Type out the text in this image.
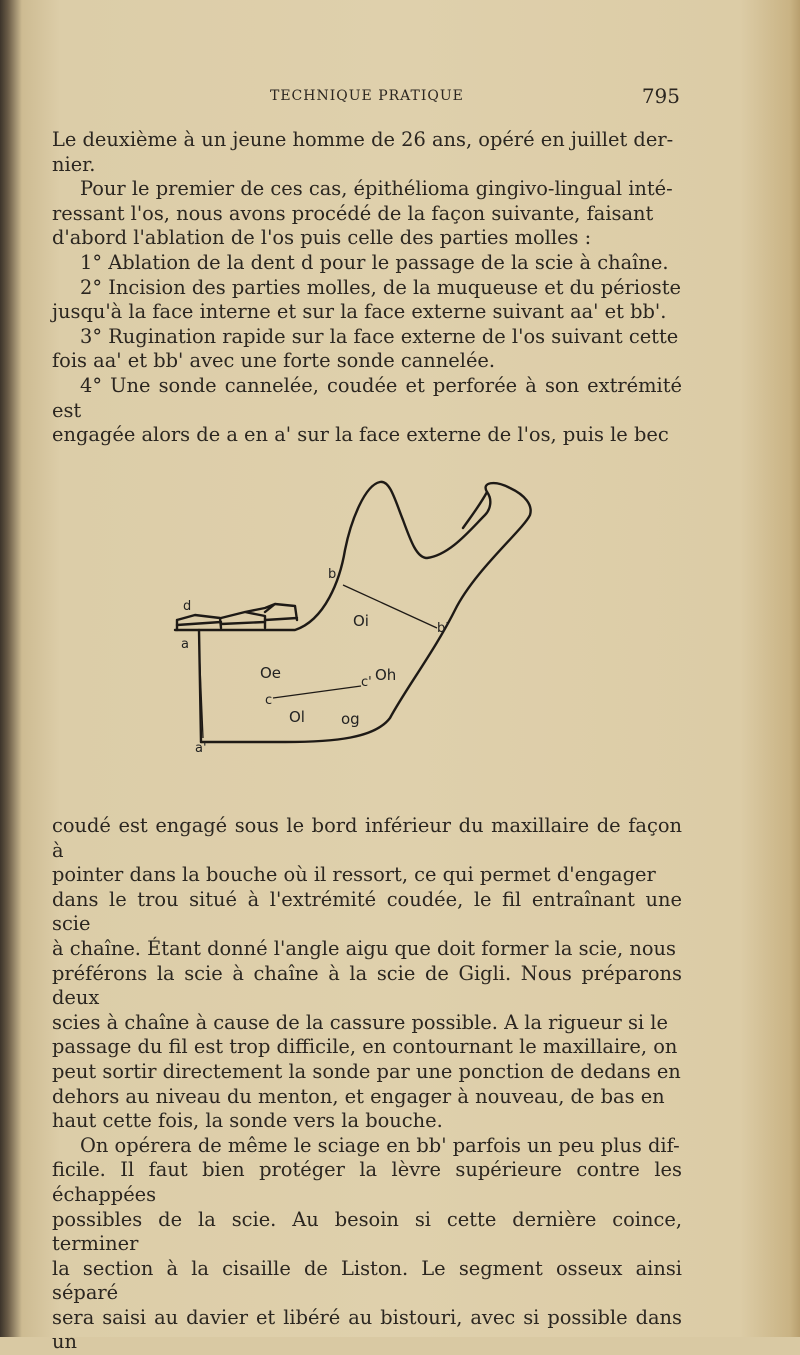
TECHNIQUE PRATIQUE	795

Le deuxième à un jeune homme de 26 ans, opéré en juillet der-

nier.

Pour le premier de ces cas, épithélioma gingivo-lingual inté-

ressant l'os, nous avons procédé de la façon suivante, faisant

d'abord l'ablation de l'os puis celle des parties molles :

1° Ablation de la dent d pour le passage de la scie à chaîne.

2° Incision des parties molles, de la muqueuse et du périoste

jusqu'à la face interne et sur la face externe suivant aa' et bb'.

3° Rugination rapide sur la face externe de l'os suivant cette

fois aa' et bb' avec une forte sonde cannelée.

4° Une sonde cannelée, coudée et perforée à son extrémité est

engagée alors de a en a' sur la face externe de l'os, puis le bec

d
a
a'
b
b'
Oi
Oe
c
c' Oh
Ol og

coudé est engagé sous le bord inférieur du maxillaire de façon à

pointer dans la bouche où il ressort, ce qui permet d'engager

dans le trou situé à l'extrémité coudée, le fil entraînant une scie

à chaîne. Étant donné l'angle aigu que doit former la scie, nous

préférons la scie à chaîne à la scie de Gigli. Nous préparons deux

scies à chaîne à cause de la cassure possible. A la rigueur si le

passage du fil est trop difficile, en contournant le maxillaire, on

peut sortir directement la sonde par une ponction de dedans en

dehors au niveau du menton, et engager à nouveau, de bas en

haut cette fois, la sonde vers la bouche.

On opérera de même le sciage en bb' parfois un peu plus dif-

ficile. Il faut bien protéger la lèvre supérieure contre les échappées

possibles de la scie. Au besoin si cette dernière coince, terminer

la section à la cisaille de Liston. Le segment osseux ainsi séparé

sera saisi au davier et libéré au bistouri, avec si possible dans un
